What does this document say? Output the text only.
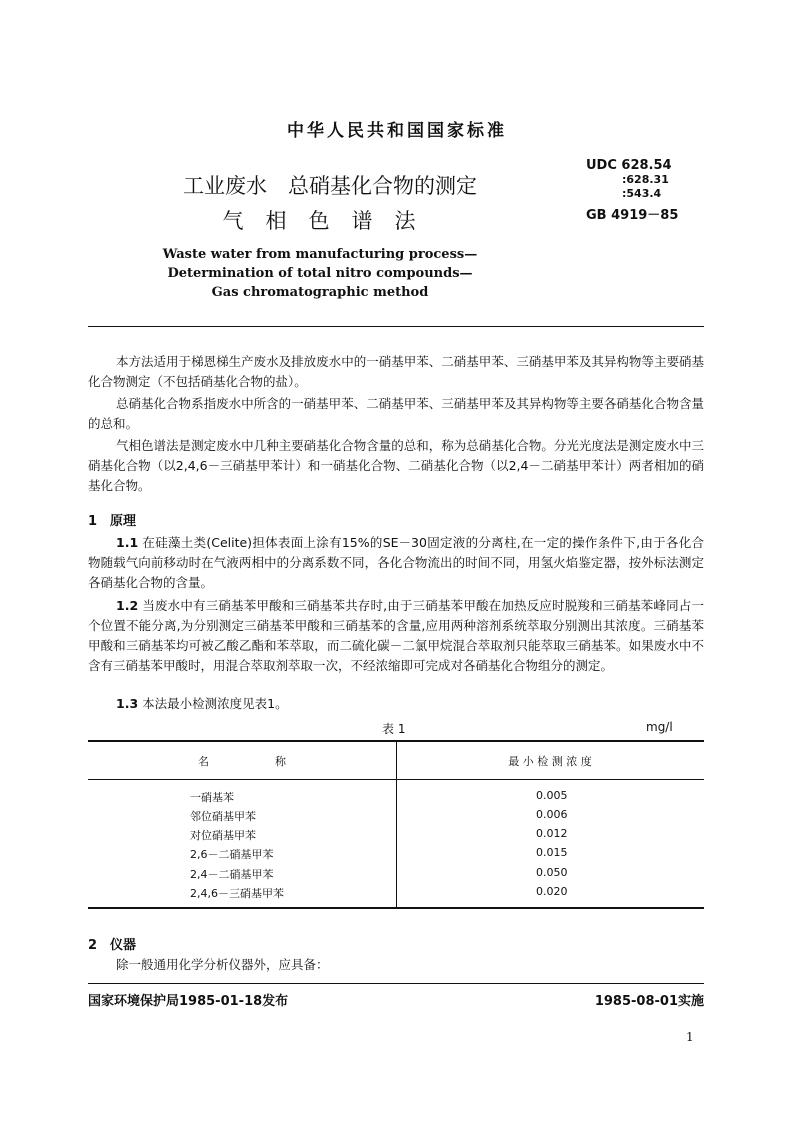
中华人民共和国国家标准
工业废水　总硝基化合物的测定
气相色谱法
UDC 628.54
:628.31
:543.4
GB 4919－85
Waste water from manufacturing process—
Determination of total nitro compounds—
Gas chromatographic method

本方法适用于梯恩梯生产废水及排放废水中的一硝基甲苯、二硝基甲苯、三硝基甲苯及其异构物等主要硝基化合物测定（不包括硝基化合物的盐）。

总硝基化合物系指废水中所含的一硝基甲苯、二硝基甲苯、三硝基甲苯及其异构物等主要各硝基化合物含量的总和。

气相色谱法是测定废水中几种主要硝基化合物含量的总和，称为总硝基化合物。分光光度法是测定废水中三硝基化合物（以2,4,6－三硝基甲苯计）和一硝基化合物、二硝基化合物（以2,4－二硝基甲苯计）两者相加的硝基化合物。

1　原理

1.1 在硅藻土类(Celite)担体表面上涂有15%的SE－30固定液的分离柱,在一定的操作条件下,由于各化合物随载气向前移动时在气液两相中的分离系数不同，各化合物流出的时间不同，用氢火焰鉴定器，按外标法测定各硝基化合物的含量。

1.2 当废水中有三硝基苯甲酸和三硝基苯共存时,由于三硝基苯甲酸在加热反应时脱羧和三硝基苯峰同占一个位置不能分离,为分别测定三硝基苯甲酸和三硝基苯的含量,应用两种溶剂系统萃取分别测出其浓度。三硝基苯甲酸和三硝基苯均可被乙酸乙酯和苯萃取，而二硫化碳－二氯甲烷混合萃取剂只能萃取三硝基苯。如果废水中不含有三硝基苯甲酸时，用混合萃取剂萃取一次，不经浓缩即可完成对各硝基化合物组分的测定。

1.3 本法最小检测浓度见表1。

表 1	mg/l
名　　　　　　称	最 小 检 测 浓 度
一硝基苯	0.005
邻位硝基甲苯	0.006
对位硝基甲苯	0.012
2,6－二硝基甲苯	0.015
2,4－二硝基甲苯	0.050
2,4,6－三硝基甲苯	0.020
2　仪器

除一般通用化学分析仪器外，应具备：

国家环境保护局1985-01-18发布	1985-08-01实施
1
